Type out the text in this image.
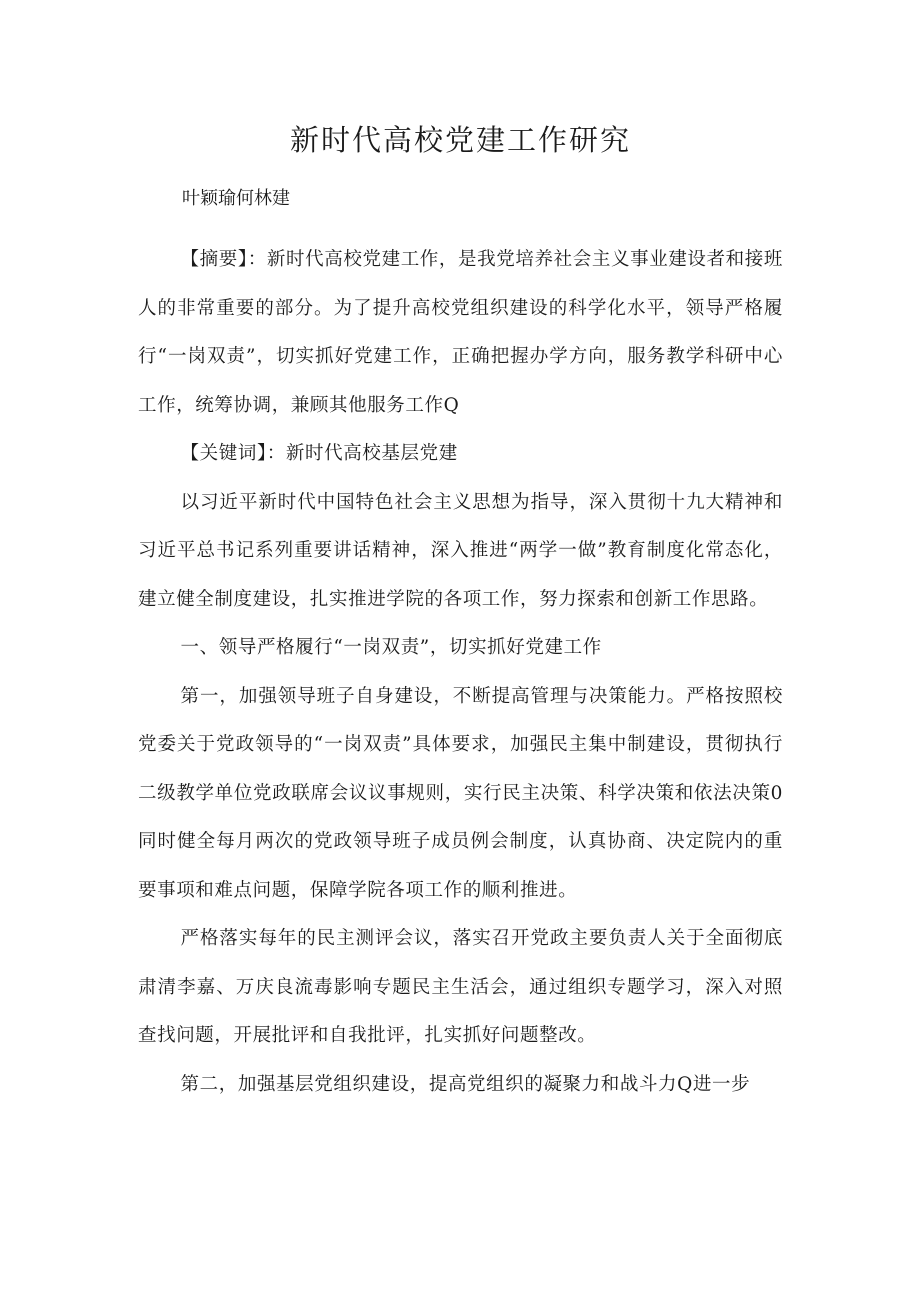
新时代高校党建工作研究
叶颖瑜何林建

【摘要】：新时代高校党建工作，是我党培养社会主义事业建设者和接班人的非常重要的部分。为了提升高校党组织建设的科学化水平，领导严格履行“一岗双责”，切实抓好党建工作，正确把握办学方向，服务教学科研中心工作，统筹协调，兼顾其他服务工作Q

【关键词】：新时代高校基层党建

以习近平新时代中国特色社会主义思想为指导，深入贯彻十九大精神和习近平总书记系列重要讲话精神，深入推进“两学一做”教育制度化常态化，建立健全制度建设，扎实推进学院的各项工作，努力探索和创新工作思路。

一、领导严格履行“一岗双责”，切实抓好党建工作

第一，加强领导班子自身建设，不断提高管理与决策能力。严格按照校党委关于党政领导的“一岗双责”具体要求，加强民主集中制建设，贯彻执行二级教学单位党政联席会议议事规则，实行民主决策、科学决策和依法决策0同时健全每月两次的党政领导班子成员例会制度，认真协商、决定院内的重要事项和难点问题，保障学院各项工作的顺利推进。

严格落实每年的民主测评会议，落实召开党政主要负责人关于全面彻底肃清李嘉、万庆良流毒影响专题民主生活会，通过组织专题学习，深入对照查找问题，开展批评和自我批评，扎实抓好问题整改。

第二，加强基层党组织建设，提高党组织的凝聚力和战斗力Q进一步
